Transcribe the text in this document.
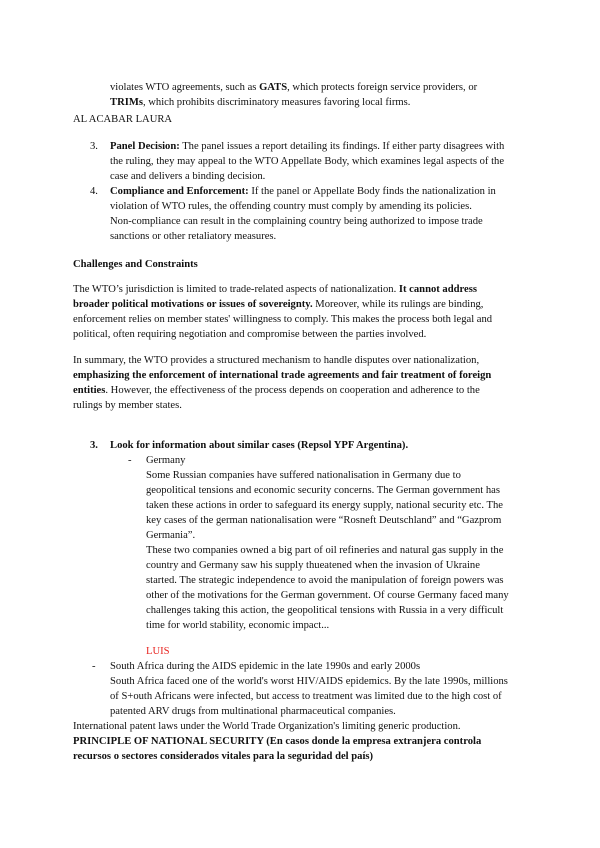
violates WTO agreements, such as GATS, which protects foreign service providers, or
TRIMs, which prohibits discriminatory measures favoring local firms.
AL ACABAR LAURA
3. Panel Decision: The panel issues a report detailing its findings. If either party disagrees with
the ruling, they may appeal to the WTO Appellate Body, which examines legal aspects of the
case and delivers a binding decision.
4. Compliance and Enforcement: If the panel or Appellate Body finds the nationalization in
violation of WTO rules, the offending country must comply by amending its policies.
Non-compliance can result in the complaining country being authorized to impose trade
sanctions or other retaliatory measures.
Challenges and Constraints
The WTO’s jurisdiction is limited to trade-related aspects of nationalization. It cannot address
broader political motivations or issues of sovereignty. Moreover, while its rulings are binding,
enforcement relies on member states' willingness to comply. This makes the process both legal and
political, often requiring negotiation and compromise between the parties involved.
In summary, the WTO provides a structured mechanism to handle disputes over nationalization,
emphasizing the enforcement of international trade agreements and fair treatment of foreign
entities. However, the effectiveness of the process depends on cooperation and adherence to the
rulings by member states.
3. Look for information about similar cases (Repsol YPF Argentina).
- Germany
Some Russian companies have suffered nationalisation in Germany due to
geopolitical tensions and economic security concerns. The German government has
taken these actions in order to safeguard its energy supply, national security etc. The
key cases of the german nationalisation were “Rosneft Deutschland” and “Gazprom
Germania”.
These two companies owned a big part of oil refineries and natural gas supply in the
country and Germany saw his supply thueatened when the invasion of Ukraine
started. The strategic independence to avoid the manipulation of foreign powers was
other of the motivations for the German government. Of course Germany faced many
challenges taking this action, the geopolitical tensions with Russia in a very difficult
time for world stability, economic impact...
LUIS
- South Africa during the AIDS epidemic in the late 1990s and early 2000s
South Africa faced one of the world's worst HIV/AIDS epidemics. By the late 1990s, millions
of S+outh Africans were infected, but access to treatment was limited due to the high cost of
patented ARV drugs from multinational pharmaceutical companies.
International patent laws under the World Trade Organization's limiting generic production.
PRINCIPLE OF NATIONAL SECURITY (En casos donde la empresa extranjera controla
recursos o sectores considerados vitales para la seguridad del país)
